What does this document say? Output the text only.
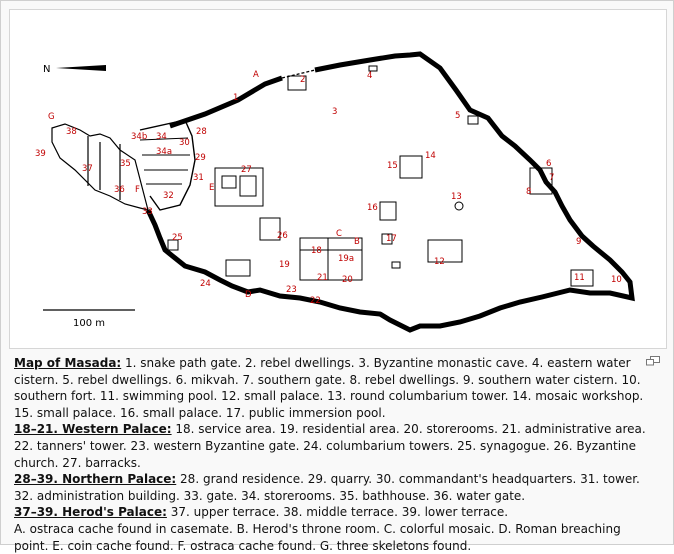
N
100 m
1
2
3
4
5
6
7
8
9
10
11
12
13
14
15
16
17
18
19
19a
20
21
22
23
24
25	26
27
28
29
30
31
32
33
34
34a
34b
35
36
37
38
39
A
B
C
D
E
F
G

Map of Masada: 1. snake path gate. 2. rebel dwellings. 3. Byzantine monastic cave. 4. eastern water cistern. 5. rebel dwellings. 6. mikvah. 7. southern gate. 8. rebel dwellings. 9. southern water cistern. 10. southern fort. 11. swimming pool. 12. small palace. 13. round columbarium tower. 14. mosaic workshop. 15. small palace. 16. small palace. 17. public immersion pool.

18–21. Western Palace: 18. service area. 19. residential area. 20. storerooms. 21. administrative area. 22. tanners' tower. 23. western Byzantine gate. 24. columbarium towers. 25. synagogue. 26. Byzantine church. 27. barracks.

28–39. Northern Palace: 28. grand residence. 29. quarry. 30. commandant's headquarters. 31. tower. 32. administration building. 33. gate. 34. storerooms. 35. bathhouse. 36. water gate.

37–39. Herod's Palace: 37. upper terrace. 38. middle terrace. 39. lower terrace.

A. ostraca cache found in casemate. B. Herod's throne room. C. colorful mosaic. D. Roman breaching point. E. coin cache found. F. ostraca cache found. G. three skeletons found.
